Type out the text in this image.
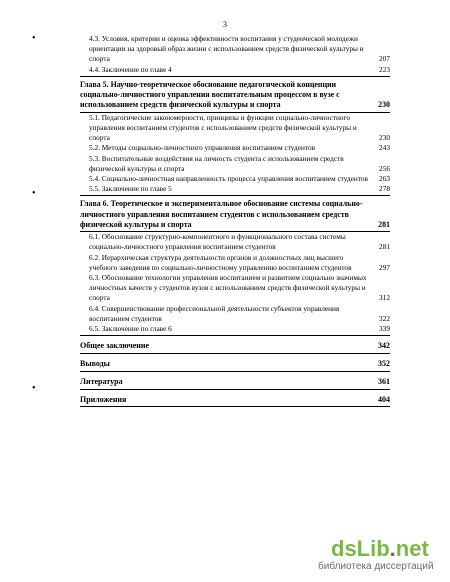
3
•
•
•
4.3. Условия, критерии и оценка эффективности воспитания у студенческой молодежи ориентации на здоровый образ жизни с использованием средств физической культуры и спорта	207
4.4. Заключение по главе 4	223
Глава 5. Научно-теоретическое обоснование педагогической концепции социально-личностного управления воспитательным процессом в вузе с использованием средств физической культуры и спорта	230
5.1. Педагогические закономерности, принципы и функции социально-личностного управления воспитанием студентов с использованием средств физической культуры и спорта	230
5.2. Методы социально-личностного управления воспитанием студентов	243
5.3. Воспитательные воздействия на личность студента с использованием средств физической культуры и спорта	256
5.4. Социально-личностная направленность процесса управления воспитанием студентов	263
5.5. Заключение по главе 5	278
Глава 6. Теоретическое и экспериментальное обоснование системы социально-личностного управления воспитанием студентов с использованием средств физической культуры и спорта	281
6.1. Обоснование структурно-компонентного и функционального состава системы социально-личностного управления воспитанием студентов	281
6.2. Иерархическая структура деятельности органов и должностных лиц высшего учебного заведения по социально-личностному управлению воспитанием студентов	297
6.3. Обоснование технологии управления воспитанием и развитием социально значимых личностных качеств у студентов вузов с использованием средств физической культуры и спорта	312
6.4. Совершенствование профессиональной деятельности субъектов управления воспитанием студентов	322
6.5. Заключение по главе 6	339
Общее заключение	342
Выводы	352
Литература	361
Приложения	404
dsLib.net
библиотека диссертаций
